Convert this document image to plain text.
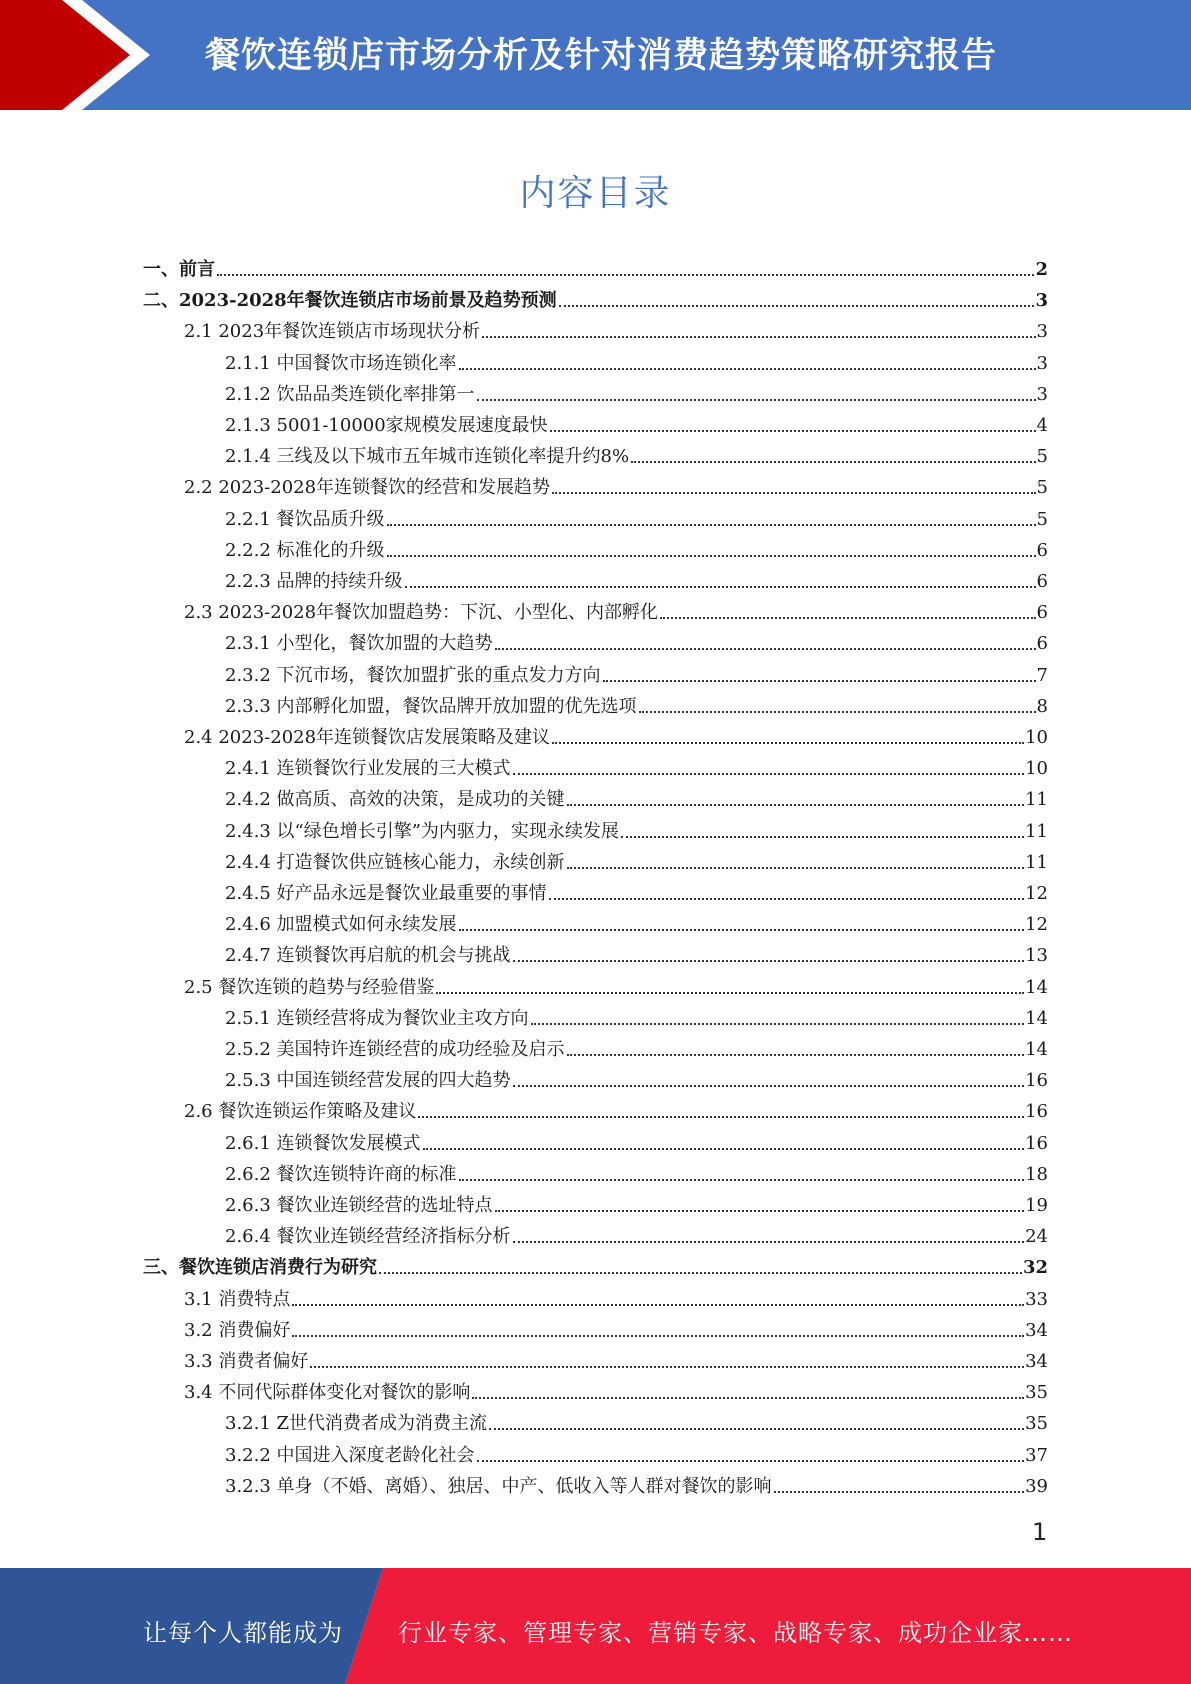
餐饮连锁店市场分析及针对消费趋势策略研究报告
内容目录
一、前言	2
二、2023-2028年餐饮连锁店市场前景及趋势预测	3
2.1 2023年餐饮连锁店市场现状分析	3
2.1.1 中国餐饮市场连锁化率	3
2.1.2 饮品品类连锁化率排第一	3
2.1.3 5001-10000家规模发展速度最快	4
2.1.4 三线及以下城市五年城市连锁化率提升约8%	5
2.2 2023-2028年连锁餐饮的经营和发展趋势	5
2.2.1 餐饮品质升级	5
2.2.2 标准化的升级	6
2.2.3 品牌的持续升级	6
2.3 2023-2028年餐饮加盟趋势：下沉、小型化、内部孵化	6
2.3.1 小型化，餐饮加盟的大趋势	6
2.3.2 下沉市场，餐饮加盟扩张的重点发力方向	7
2.3.3 内部孵化加盟，餐饮品牌开放加盟的优先选项	8
2.4 2023-2028年连锁餐饮店发展策略及建议	10
2.4.1 连锁餐饮行业发展的三大模式	10
2.4.2 做高质、高效的决策，是成功的关键	11
2.4.3 以“绿色增长引擎”为内驱力，实现永续发展	11
2.4.4 打造餐饮供应链核心能力，永续创新	11
2.4.5 好产品永远是餐饮业最重要的事情	12
2.4.6 加盟模式如何永续发展	12
2.4.7 连锁餐饮再启航的机会与挑战	13
2.5 餐饮连锁的趋势与经验借鉴	14
2.5.1 连锁经营将成为餐饮业主攻方向	14
2.5.2 美国特许连锁经营的成功经验及启示	14
2.5.3 中国连锁经营发展的四大趋势	16
2.6 餐饮连锁运作策略及建议	16
2.6.1 连锁餐饮发展模式	16
2.6.2 餐饮连锁特许商的标准	18
2.6.3 餐饮业连锁经营的选址特点	19
2.6.4 餐饮业连锁经营经济指标分析	24
三、餐饮连锁店消费行为研究	32
3.1 消费特点	33
3.2 消费偏好	34
3.3 消费者偏好	34
3.4 不同代际群体变化对餐饮的影响	35
3.2.1 Z世代消费者成为消费主流	35
3.2.2 中国进入深度老龄化社会	37
3.2.3 单身（不婚、离婚）、独居、中产、低收入等人群对餐饮的影响	39
1
让每个人都能成为 行业专家、管理专家、营销专家、战略专家、成功企业家……
